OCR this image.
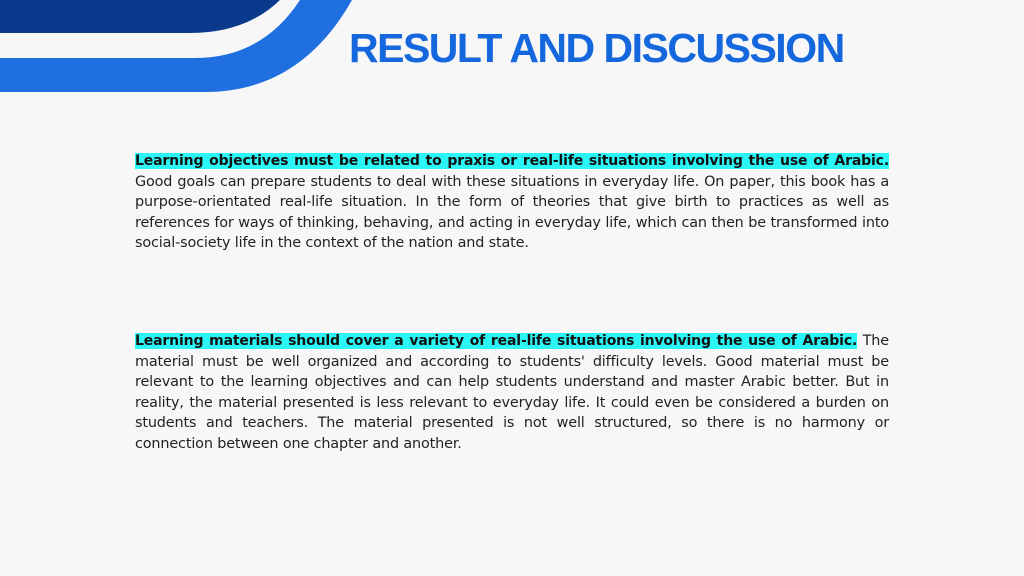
RESULT AND DISCUSSION

Learning objectives must be related to praxis or real-life situations involving the use of Arabic. Good goals can prepare students to deal with these situations in everyday life. On paper, this book has a purpose-orientated real-life situation. In the form of theories that give birth to practices as well as references for ways of thinking, behaving, and acting in everyday life, which can then be transformed into social-society life in the context of the nation and state.

Learning materials should cover a variety of real-life situations involving the use of Arabic. The material must be well organized and according to students' difficulty levels. Good material must be relevant to the learning objectives and can help students understand and master Arabic better. But in reality, the material presented is less relevant to everyday life. It could even be considered a burden on students and teachers. The material presented is not well structured, so there is no harmony or connection between one chapter and another.
